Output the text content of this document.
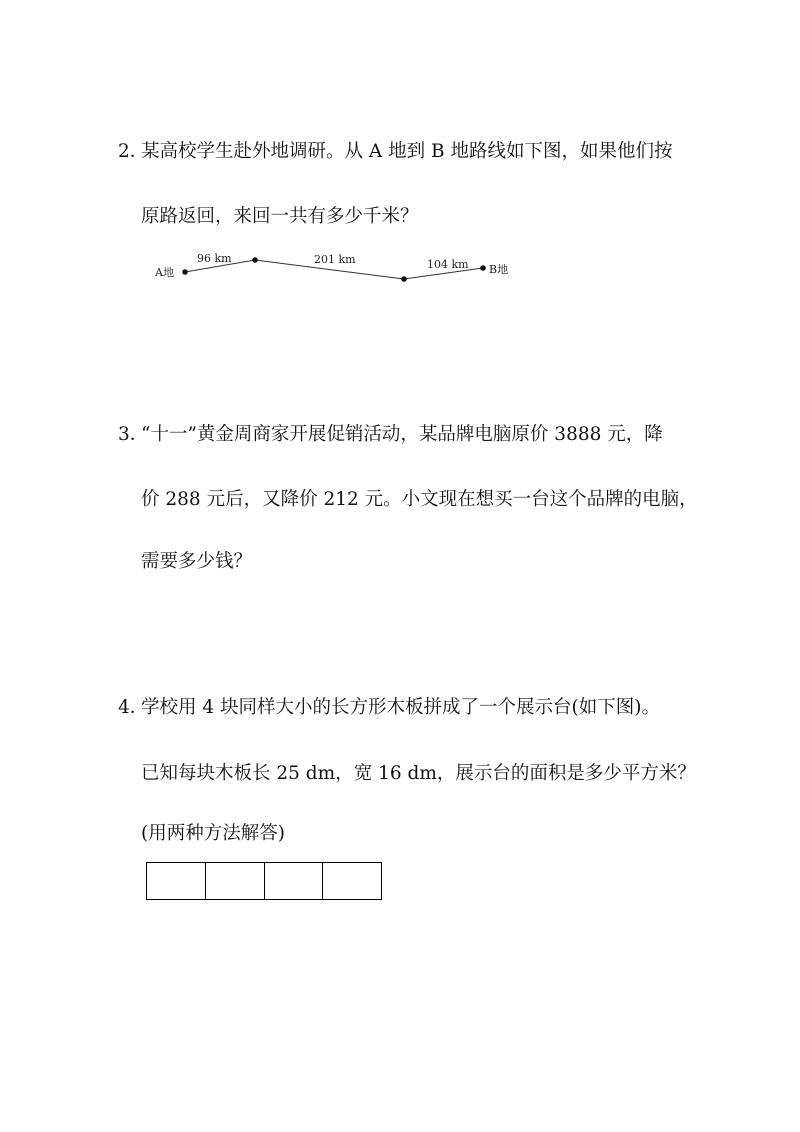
2．
某高校学生赴外地调研。从 A 地到 B 地路线如下图，如果他们按
原路返回，来回一共有多少千米？
A地	B地
96 km	201 km	104 km
3．
“十一”黄金周商家开展促销活动，某品牌电脑原价 3888 元，降
价 288 元后，又降价 212 元。小文现在想买一台这个品牌的电脑，
需要多少钱？
4．
学校用 4 块同样大小的长方形木板拼成了一个展示台(如下图)。
已知每块木板长 25 dm，宽 16 dm，展示台的面积是多少平方米？
(用两种方法解答)
